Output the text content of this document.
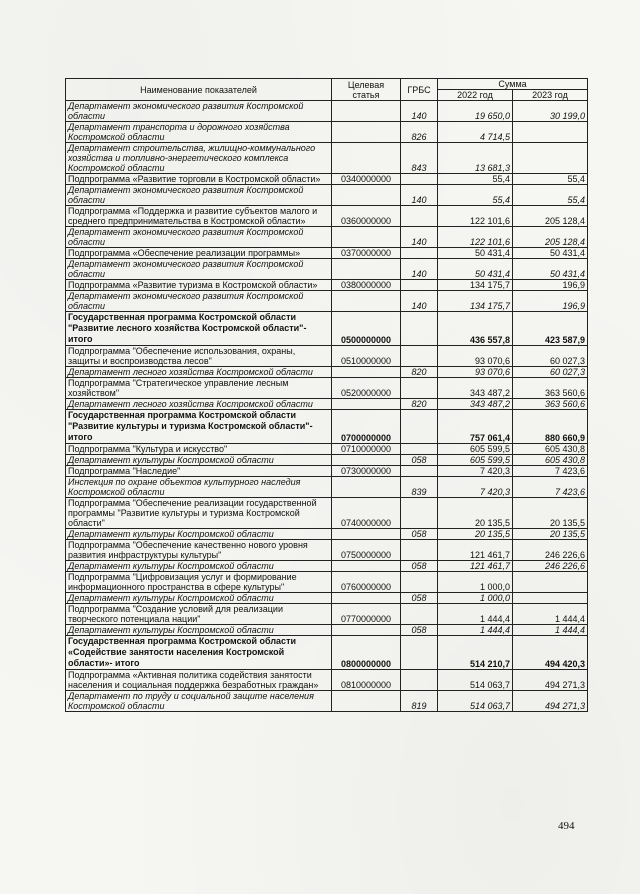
Наименование показателей	Целевая статья	ГРБС	Сумма	
			2022 год	2023 год
Департамент экономического развития Костромской области		140	19 650,0	30 199,0
Департамент транспорта и дорожного хозяйства Костромской области		826	4 714,5	
Департамент строительства, жилищно-коммунального хозяйства и топливно-энергетического комплекса Костромской области		843	13 681,3	
Подпрограмма «Развитие торговли в Костромской области»	0340000000		55,4	55,4
Департамент экономического развития Костромской области		140	55,4	55,4
Подпрограмма «Поддержка и развитие субъектов малого и среднего предпринимательства в Костромской области»	0360000000		122 101,6	205 128,4
Департамент экономического развития Костромской области		140	122 101,6	205 128,4
Подпрограмма «Обеспечение реализации программы»	0370000000		50 431,4	50 431,4
Департамент экономического развития Костромской области		140	50 431,4	50 431,4
Подпрограмма «Развитие туризма в Костромской области»	0380000000		134 175,7	196,9
Департамент экономического развития Костромской области		140	134 175,7	196,9
Государственная программа Костромской области "Развитие лесного хозяйства Костромской области"- итого	0500000000		436 557,8	423 587,9
Подпрограмма "Обеспечение использования, охраны, защиты и воспроизводства лесов"	0510000000		93 070,6	60 027,3
Департамент лесного хозяйства Костромской области		820	93 070,6	60 027,3
Подпрограмма "Стратегическое управление лесным хозяйством"	0520000000		343 487,2	363 560,6
Департамент лесного хозяйства Костромской области		820	343 487,2	363 560,6
Государственная программа Костромской области "Развитие культуры и туризма Костромской области"- итого	0700000000		757 061,4	880 660,9
Подпрограмма "Культура и искусство"	0710000000		605 599,5	605 430,8
Департамент культуры Костромской области		058	605 599,5	605 430,8
Подпрограмма "Наследие"	0730000000		7 420,3	7 423,6
Инспекция по охране объектов культурного наследия Костромской области		839	7 420,3	7 423,6
Подпрограмма "Обеспечение реализации государственной программы "Развитие культуры и туризма Костромской области"	0740000000		20 135,5	20 135,5
Департамент культуры Костромской области		058	20 135,5	20 135,5
Подпрограмма "Обеспечение качественно нового уровня развития инфраструктуры культуры"	0750000000		121 461,7	246 226,6
Департамент культуры Костромской области		058	121 461,7	246 226,6
Подпрограмма "Цифровизация услуг и формирование информационного пространства в сфере культуры"	0760000000		1 000,0	
Департамент культуры Костромской области		058	1 000,0	
Подпрограмма "Создание условий для реализации творческого потенциала нации"	0770000000		1 444,4	1 444,4
Департамент культуры Костромской области		058	1 444,4	1 444,4
Государственная программа Костромской области «Содействие занятости населения Костромской области»- итого	0800000000		514 210,7	494 420,3
Подпрограмма «Активная политика содействия занятости населения и социальная поддержка безработных граждан»	0810000000		514 063,7	494 271,3
Департамент по труду и социальной защите населения Костромской области		819	514 063,7	494 271,3
494
